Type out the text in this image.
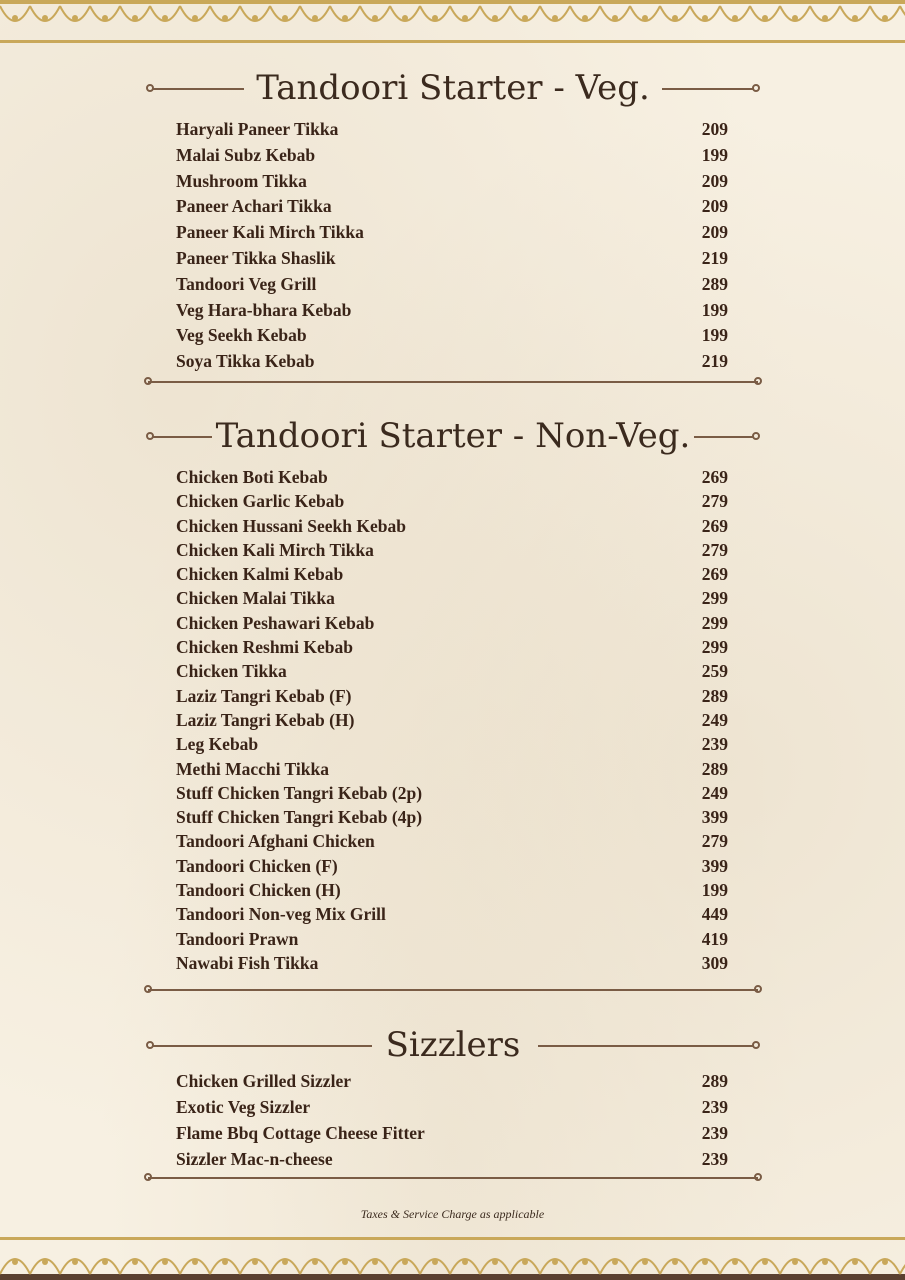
Tandoori Starter - Veg.
Haryali Paneer Tikka	209
Malai Subz Kebab	199
Mushroom Tikka	209
Paneer Achari Tikka	209
Paneer Kali Mirch Tikka	209
Paneer Tikka Shaslik	219
Tandoori Veg Grill	289
Veg Hara-bhara Kebab	199
Veg Seekh Kebab	199
Soya Tikka Kebab	219
Tandoori Starter - Non-Veg.
Chicken Boti Kebab	269
Chicken Garlic Kebab	279
Chicken Hussani Seekh Kebab	269
Chicken Kali Mirch Tikka	279
Chicken Kalmi Kebab	269
Chicken Malai Tikka	299
Chicken Peshawari Kebab	299
Chicken Reshmi Kebab	299
Chicken Tikka	259
Laziz Tangri Kebab (F)	289
Laziz Tangri Kebab (H)	249
Leg Kebab	239
Methi Macchi Tikka	289
Stuff Chicken Tangri Kebab (2p)	249
Stuff Chicken Tangri Kebab (4p)	399
Tandoori Afghani Chicken	279
Tandoori Chicken (F)	399
Tandoori Chicken (H)	199
Tandoori Non-veg Mix Grill	449
Tandoori Prawn	419
Nawabi Fish Tikka	309
Sizzlers
Chicken Grilled Sizzler	289
Exotic Veg Sizzler	239
Flame Bbq Cottage Cheese Fitter	239
Sizzler Mac-n-cheese	239
Taxes & Service Charge as applicable
